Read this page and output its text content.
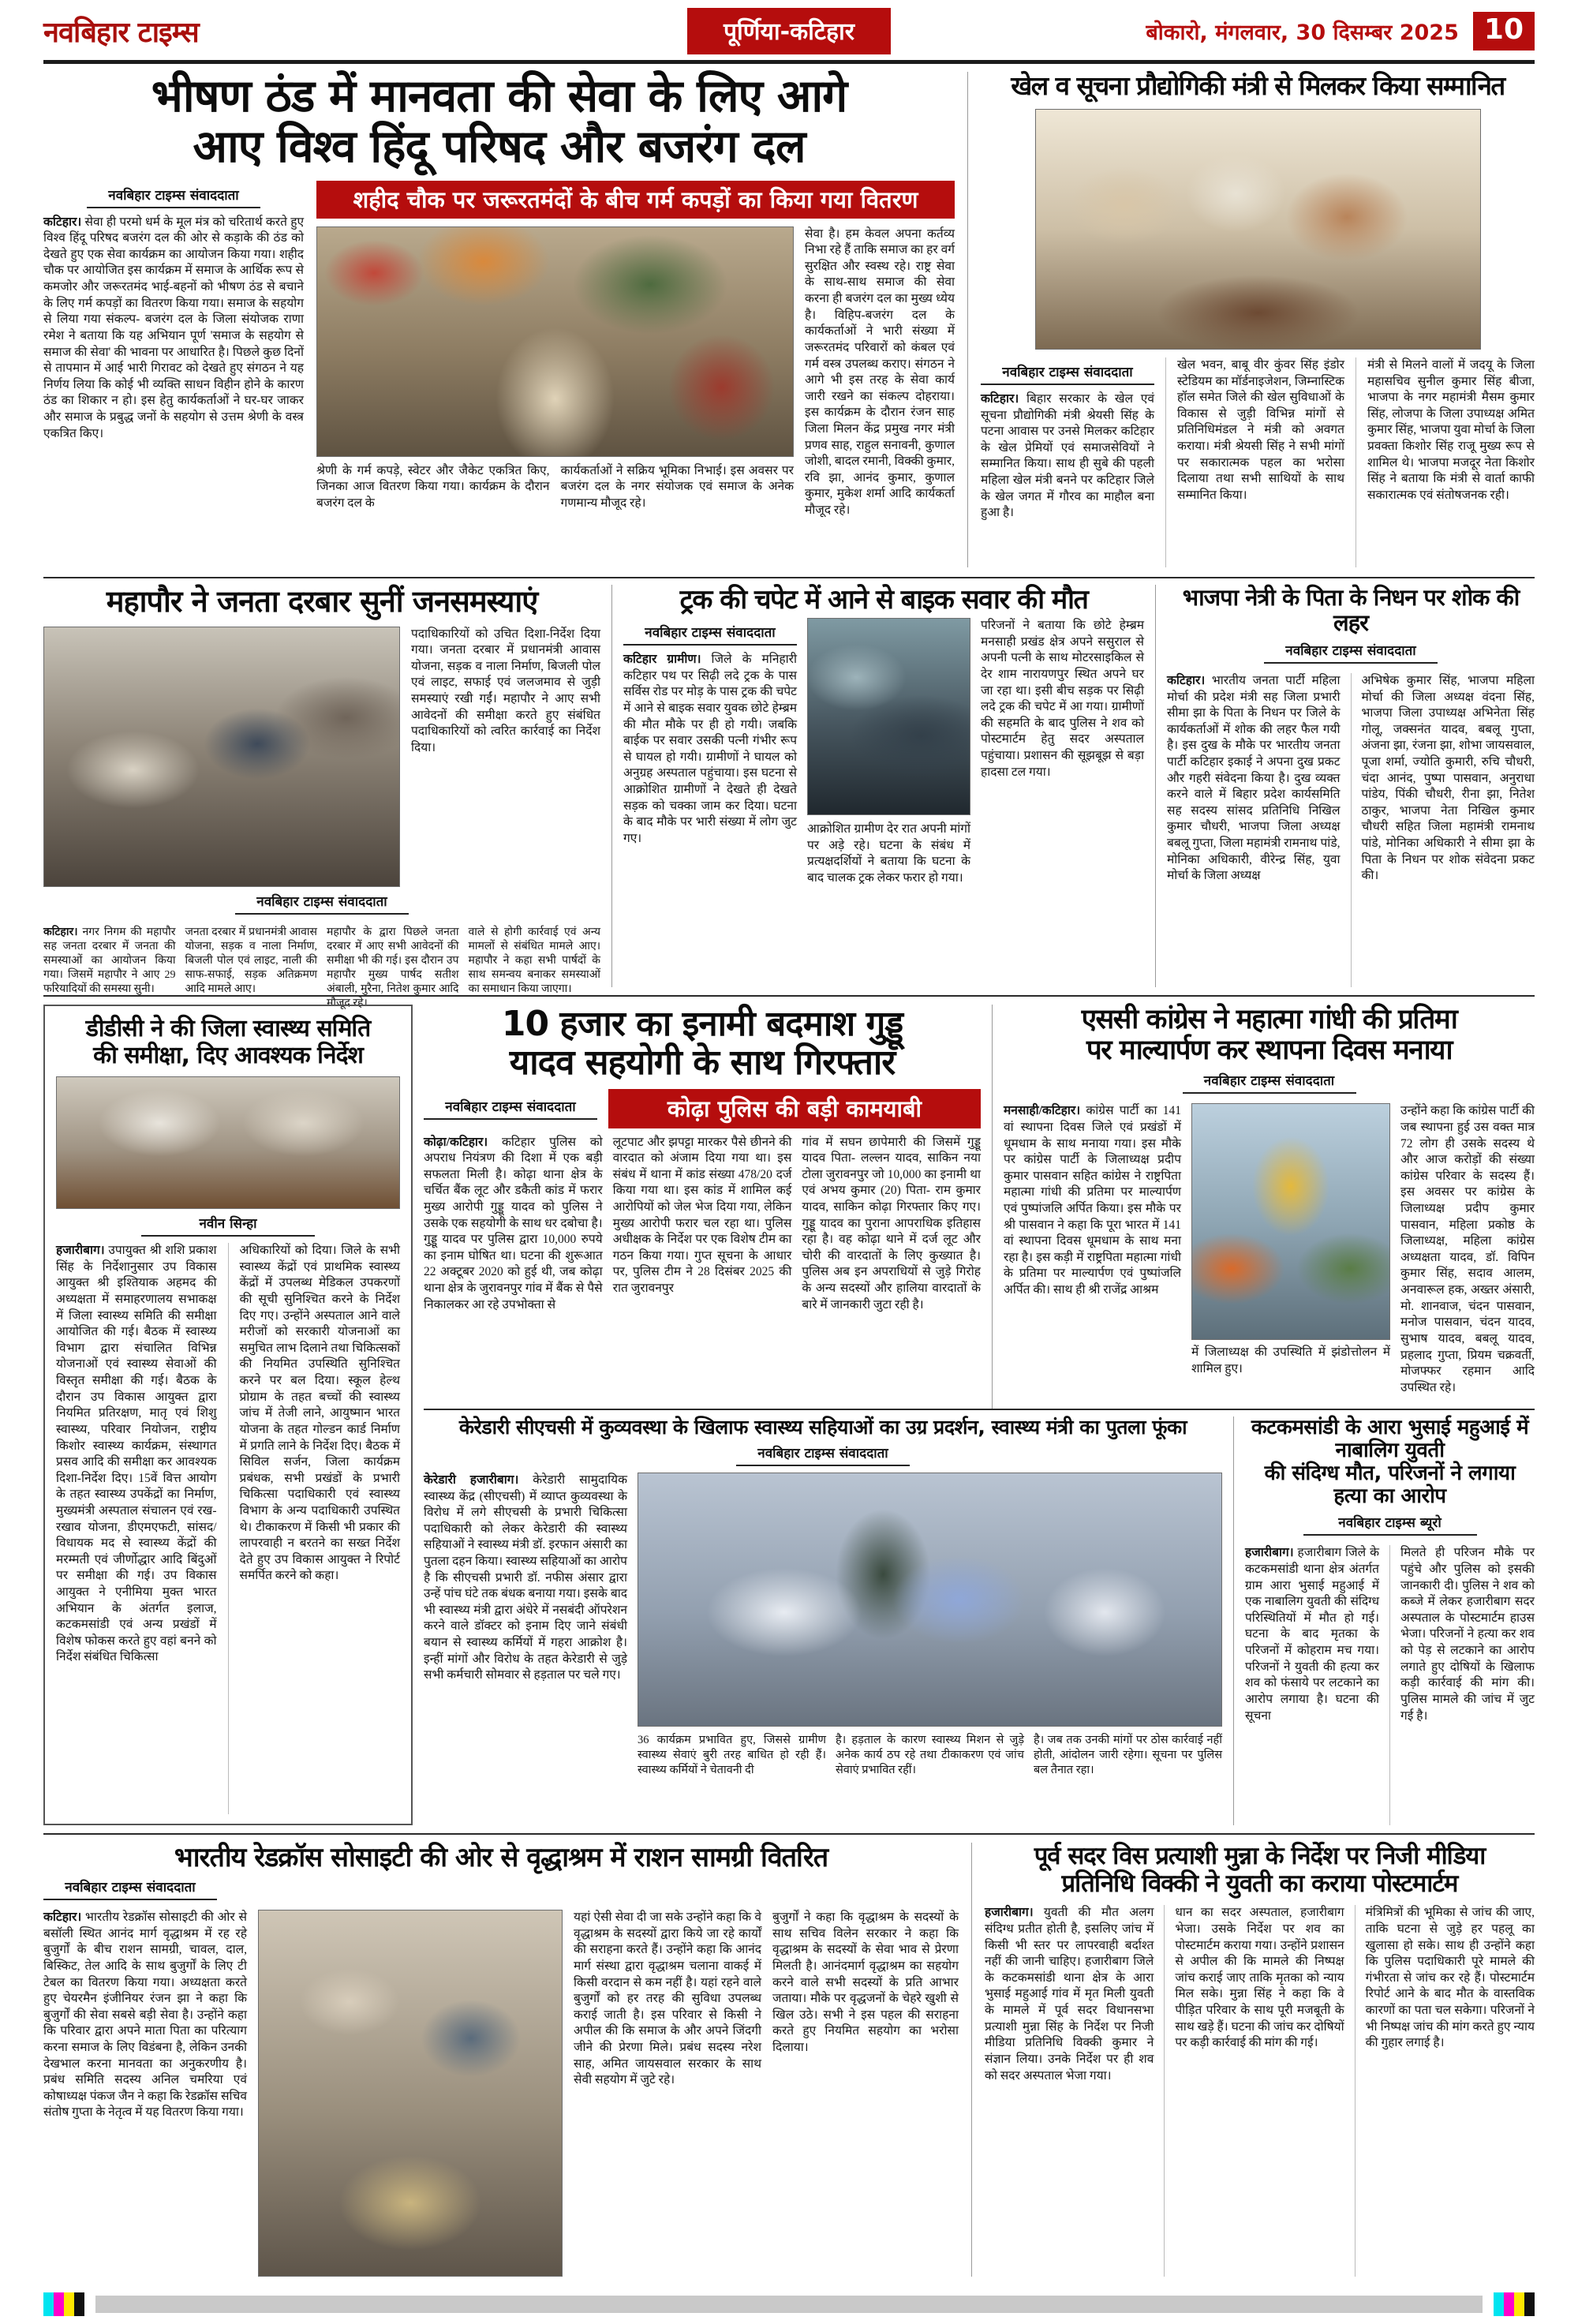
नवबिहार टाइम्स	पूर्णिया-कटिहार	बोकारो, मंगलवार, 30 दिसम्बर 2025 10
भीषण ठंड में मानवता की सेवा के लिए आगे
आए विश्व हिंदू परिषद और बजरंग दल
नवबिहार टाइम्स संवाददाता

कटिहार। सेवा ही परमो धर्म के मूल मंत्र को चरितार्थ करते हुए विश्व हिंदू परिषद बजरंग दल की ओर से कड़ाके की ठंड को देखते हुए एक सेवा कार्यक्रम का आयोजन किया गया। शहीद चौक पर आयोजित इस कार्यक्रम में समाज के आर्थिक रूप से कमजोर और जरूरतमंद भाई-बहनों को भीषण ठंड से बचाने के लिए गर्म कपड़ों का वितरण किया गया। समाज के सहयोग से लिया गया संकल्प- बजरंग दल के जिला संयोजक राणा रमेश ने बताया कि यह अभियान पूर्ण 'समाज के सहयोग से समाज की सेवा' की भावना पर आधारित है। पिछले कुछ दिनों से तापमान में आई भारी गिरावट को देखते हुए संगठन ने यह निर्णय लिया कि कोई भी व्यक्ति साधन विहीन होने के कारण ठंड का शिकार न हो। इस हेतु कार्यकर्ताओं ने घर-घर जाकर और समाज के प्रबुद्ध जनों के सहयोग से उत्तम श्रेणी के वस्त्र एकत्रित किए।

शहीद चौक पर जरूरतमंदों के बीच गर्म कपड़ों का किया गया वितरण

श्रेणी के गर्म कपड़े, स्वेटर और जैकेट एकत्रित किए, जिनका आज वितरण किया गया। कार्यक्रम के दौरान बजरंग दल के

कार्यकर्ताओं ने सक्रिय भूमिका निभाई। इस अवसर पर बजरंग दल के नगर संयोजक एवं समाज के अनेक गणमान्य मौजूद रहे।

सेवा है। हम केवल अपना कर्तव्य निभा रहे हैं ताकि समाज का हर वर्ग सुरक्षित और स्वस्थ रहे। राष्ट्र सेवा के साथ-साथ समाज की सेवा करना ही बजरंग दल का मुख्य ध्येय है। विहिप-बजरंग दल के कार्यकर्ताओं ने भारी संख्या में जरूरतमंद परिवारों को कंबल एवं गर्म वस्त्र उपलब्ध कराए। संगठन ने आगे भी इस तरह के सेवा कार्य जारी रखने का संकल्प दोहराया। इस कार्यक्रम के दौरान रंजन साह जिला मिलन केंद्र प्रमुख नगर मंत्री प्रणव साह, राहुल सनावनी, कुणाल जोशी, बादल रमानी, विक्की कुमार, रवि झा, आनंद कुमार, कुणाल कुमार, मुकेश शर्मा आदि कार्यकर्ता मौजूद रहे।

खेल व सूचना प्रौद्योगिकी मंत्री से मिलकर किया सम्मानित
नवबिहार टाइम्स संवाददाता

कटिहार। बिहार सरकार के खेल एवं सूचना प्रौद्योगिकी मंत्री श्रेयसी सिंह के पटना आवास पर उनसे मिलकर कटिहार के खेल प्रेमियों एवं समाजसेवियों ने सम्मानित किया। साथ ही सुबे की पहली महिला खेल मंत्री बनने पर कटिहार जिले के खेल जगत में गौरव का माहौल बना हुआ है।

खेल भवन, बाबू वीर कुंवर सिंह इंडोर स्टेडियम का मॉर्डनाइजेशन, जिम्नास्टिक हॉल समेत जिले की खेल सुविधाओं के विकास से जुड़ी विभिन्न मांगों से प्रतिनिधिमंडल ने मंत्री को अवगत कराया। मंत्री श्रेयसी सिंह ने सभी मांगों पर सकारात्मक पहल का भरोसा दिलाया तथा सभी साथियों के साथ सम्मानित किया।

मंत्री से मिलने वालों में जदयू के जिला महासचिव सुनील कुमार सिंह बीजा, भाजपा के नगर महामंत्री मैसम कुमार सिंह, लोजपा के जिला उपाध्यक्ष अमित कुमार सिंह, भाजपा युवा मोर्चा के जिला प्रवक्ता किशोर सिंह राजू मुख्य रूप से शामिल थे। भाजपा मजदूर नेता किशोर सिंह ने बताया कि मंत्री से वार्ता काफी सकारात्मक एवं संतोषजनक रही।

महापौर ने जनता दरबार सुनीं जनसमस्याएं

पदाधिकारियों को उचित दिशा-निर्देश दिया गया। जनता दरबार में प्रधानमंत्री आवास योजना, सड़क व नाला निर्माण, बिजली पोल एवं लाइट, सफाई एवं जलजमाव से जुड़ी समस्याएं रखी गईं। महापौर ने आए सभी आवेदनों की समीक्षा करते हुए संबंधित पदाधिकारियों को त्वरित कार्रवाई का निर्देश दिया।

नवबिहार टाइम्स संवाददाता

कटिहार। नगर निगम की महापौर सह जनता दरबार में जनता की समस्याओं का आयोजन किया गया। जिसमें महापौर ने आए 29 फरियादियों की समस्या सुनी।

जनता दरबार में प्रधानमंत्री आवास योजना, सड़क व नाला निर्माण, बिजली पोल एवं लाइट, नाली की साफ-सफाई, सड़क अतिक्रमण आदि मामले आए।

महापौर के द्वारा पिछले जनता दरबार में आए सभी आवेदनों की समीक्षा भी की गई। इस दौरान उप महापौर मुख्य पार्षद सतीश अंबाली, मुरैना, नितेश कुमार आदि मौजूद रहे।

वाले से होगी कार्रवाई एवं अन्य मामलों से संबंधित मामले आए। महापौर ने कहा सभी पार्षदों के साथ समन्वय बनाकर समस्याओं का समाधान किया जाएगा।

ट्रक की चपेट में आने से बाइक सवार की मौत
नवबिहार टाइम्स संवाददाता

कटिहार ग्रामीण। जिले के मनिहारी कटिहार पथ पर सिढ़ी लदे ट्रक के पास सर्विस रोड पर मोड़ के पास ट्रक की चपेट में आने से बाइक सवार युवक छोटे हेम्ब्रम की मौत मौके पर ही हो गयी। जबकि बाईक पर सवार उसकी पत्नी गंभीर रूप से घायल हो गयी। ग्रामीणों ने घायल को अनुग्रह अस्पताल पहुंचाया। इस घटना से आक्रोशित ग्रामीणों ने देखते ही देखते सड़क को चक्का जाम कर दिया। घटना के बाद मौके पर भारी संख्या में लोग जुट गए।

आक्रोशित ग्रामीण देर रात अपनी मांगों पर अड़े रहे। घटना के संबंध में प्रत्यक्षदर्शियों ने बताया कि घटना के बाद चालक ट्रक लेकर फरार हो गया।

परिजनों ने बताया कि छोटे हेम्ब्रम मनसाही प्रखंड क्षेत्र अपने ससुराल से अपनी पत्नी के साथ मोटरसाइकिल से देर शाम नारायणपुर स्थित अपने घर जा रहा था। इसी बीच सड़क पर सिढ़ी लदे ट्रक की चपेट में आ गया। ग्रामीणों की सहमति के बाद पुलिस ने शव को पोस्टमार्टम हेतु सदर अस्पताल पहुंचाया। प्रशासन की सूझबूझ से बड़ा हादसा टल गया।

भाजपा नेत्री के पिता के निधन पर शोक की लहर
नवबिहार टाइम्स संवाददाता

कटिहार। भारतीय जनता पार्टी महिला मोर्चा की प्रदेश मंत्री सह जिला प्रभारी सीमा झा के पिता के निधन पर जिले के कार्यकर्ताओं में शोक की लहर फैल गयी है। इस दुख के मौके पर भारतीय जनता पार्टी कटिहार इकाई ने अपना दुख प्रकट और गहरी संवेदना किया है। दुख व्यक्त करने वाले में बिहार प्रदेश कार्यसमिति सह सदस्य सांसद प्रतिनिधि निखिल कुमार चौधरी, भाजपा जिला अध्यक्ष बबलू गुप्ता, जिला महामंत्री रामनाथ पांडे, मोनिका अधिकारी, वीरेन्द्र सिंह, युवा मोर्चा के जिला अध्यक्ष

अभिषेक कुमार सिंह, भाजपा महिला मोर्चा की जिला अध्यक्ष वंदना सिंह, भाजपा जिला उपाध्यक्ष अभिनेता सिंह गोलू, जक्सनंत यादव, बबलू गुप्ता, अंजना झा, रंजना झा, शोभा जायसवाल, पूजा शर्मा, ज्योति कुमारी, रुचि चौधरी, चंदा आनंद, पुष्पा पासवान, अनुराधा पांडेय, पिंकी चौधरी, रीना झा, नितेश ठाकुर, भाजपा नेता निखिल कुमार चौधरी सहित जिला महामंत्री रामनाथ पांडे, मोनिका अधिकारी ने सीमा झा के पिता के निधन पर शोक संवेदना प्रकट की।

डीडीसी ने की जिला स्वास्थ्य समिति
की समीक्षा, दिए आवश्यक निर्देश
नवीन सिन्हा

हजारीबाग। उपायुक्त श्री शशि प्रकाश सिंह के निर्देशानुसार उप विकास आयुक्त श्री इश्तियाक अहमद की अध्यक्षता में समाहरणालय सभाकक्ष में जिला स्वास्थ्य समिति की समीक्षा आयोजित की गई। बैठक में स्वास्थ्य विभाग द्वारा संचालित विभिन्न योजनाओं एवं स्वास्थ्य सेवाओं की विस्तृत समीक्षा की गई। बैठक के दौरान उप विकास आयुक्त द्वारा नियमित प्रतिरक्षण, मातृ एवं शिशु स्वास्थ्य, परिवार नियोजन, राष्ट्रीय किशोर स्वास्थ्य कार्यक्रम, संस्थागत प्रसव आदि की समीक्षा कर आवश्यक दिशा-निर्देश दिए। 15वें वित्त आयोग के तहत स्वास्थ्य उपकेंद्रों का निर्माण, मुख्यमंत्री अस्पताल संचालन एवं रख-रखाव योजना, डीएमएफटी, सांसद/विधायक मद से स्वास्थ्य केंद्रों की मरम्मती एवं जीर्णोद्धार आदि बिंदुओं पर समीक्षा की गई। उप विकास आयुक्त ने एनीमिया मुक्त भारत अभियान के अंतर्गत इलाज, कटकमसांडी एवं अन्य प्रखंडों में विशेष फोकस करते हुए वहां बनने को निर्देश संबंधित चिकित्सा

अधिकारियों को दिया। जिले के सभी स्वास्थ्य केंद्रों एवं प्राथमिक स्वास्थ्य केंद्रों में उपलब्ध मेडिकल उपकरणों की सूची सुनिश्चित करने के निर्देश दिए गए। उन्होंने अस्पताल आने वाले मरीजों को सरकारी योजनाओं का समुचित लाभ दिलाने तथा चिकित्सकों की नियमित उपस्थिति सुनिश्चित करने पर बल दिया। स्कूल हेल्थ प्रोग्राम के तहत बच्चों की स्वास्थ्य जांच में तेजी लाने, आयुष्मान भारत योजना के तहत गोल्डन कार्ड निर्माण में प्रगति लाने के निर्देश दिए। बैठक में सिविल सर्जन, जिला कार्यक्रम प्रबंधक, सभी प्रखंडों के प्रभारी चिकित्सा पदाधिकारी एवं स्वास्थ्य विभाग के अन्य पदाधिकारी उपस्थित थे। टीकाकरण में किसी भी प्रकार की लापरवाही न बरतने का सख्त निर्देश देते हुए उप विकास आयुक्त ने रिपोर्ट समर्पित करने को कहा।

10 हजार का इनामी बदमाश गुड्डू
यादव सहयोगी के साथ गिरफ्तार
नवबिहार टाइम्स संवाददाता	कोढ़ा पुलिस की बड़ी कामयाबी

कोढ़ा/कटिहार। कटिहार पुलिस को अपराध नियंत्रण की दिशा में एक बड़ी सफलता मिली है। कोढ़ा थाना क्षेत्र के चर्चित बैंक लूट और डकैती कांड में फरार मुख्य आरोपी गुड्डू यादव को पुलिस ने उसके एक सहयोगी के साथ धर दबोचा है। गुड्डू यादव पर पुलिस द्वारा 10,000 रुपये का इनाम घोषित था। घटना की शुरूआत 22 अक्टूबर 2020 को हुई थी, जब कोढ़ा थाना क्षेत्र के जुरावनपुर गांव में बैंक से पैसे निकालकर आ रहे उपभोक्ता से

लूटपाट और झपट्टा मारकर पैसे छीनने की वारदात को अंजाम दिया गया था। इस संबंध में थाना में कांड संख्या 478/20 दर्ज किया गया था। इस कांड में शामिल कई आरोपियों को जेल भेज दिया गया, लेकिन मुख्य आरोपी फरार चल रहा था। पुलिस अधीक्षक के निर्देश पर एक विशेष टीम का गठन किया गया। गुप्त सूचना के आधार पर, पुलिस टीम ने 28 दिसंबर 2025 की रात जुरावनपुर

गांव में सघन छापेमारी की जिसमें गुड्डू यादव पिता- लल्लन यादव, साकिन नया टोला जुरावनपुर जो 10,000 का इनामी था एवं अभय कुमार (20) पिता- राम कुमार यादव, साकिन कोढ़ा गिरफ्तार किए गए। गुड्डू यादव का पुराना आपराधिक इतिहास रहा है। वह कोढ़ा थाने में दर्ज लूट और चोरी की वारदातों के लिए कुख्यात है। पुलिस अब इन अपराधियों से जुड़े गिरोह के अन्य सदस्यों और हालिया वारदातों के बारे में जानकारी जुटा रही है।

एससी कांग्रेस ने महात्मा गांधी की प्रतिमा
पर माल्यार्पण कर स्थापना दिवस मनाया
नवबिहार टाइम्स संवाददाता

मनसाही/कटिहार। कांग्रेस पार्टी का 141 वां स्थापना दिवस जिले एवं प्रखंडों में धूमधाम के साथ मनाया गया। इस मौके पर कांग्रेस पार्टी के जिलाध्यक्ष प्रदीप कुमार पासवान सहित कांग्रेस ने राष्ट्रपिता महात्मा गांधी की प्रतिमा पर माल्यार्पण एवं पुष्पांजलि अर्पित किया। इस मौके पर श्री पासवान ने कहा कि पूरा भारत में 141 वां स्थापना दिवस धूमधाम के साथ मना रहा है। इस कड़ी में राष्ट्रपिता महात्मा गांधी के प्रतिमा पर माल्यार्पण एवं पुष्पांजलि अर्पित की। साथ ही श्री राजेंद्र आश्रम

में जिलाध्यक्ष की उपस्थिति में झंडोत्तोलन में शामिल हुए।

उन्होंने कहा कि कांग्रेस पार्टी की जब स्थापना हुई उस वक्त मात्र 72 लोग ही उसके सदस्य थे और आज करोड़ों की संख्या कांग्रेस परिवार के सदस्य हैं। इस अवसर पर कांग्रेस के जिलाध्यक्ष प्रदीप कुमार पासवान, महिला प्रकोष्ठ के जिलाध्यक्ष, महिला कांग्रेस अध्यक्षता यादव, डॉ. विपिन कुमार सिंह, सदाव आलम, अनवारूल हक, अख्तर अंसारी, मो. शानवाज, चंदन पासवान, मनोज पासवान, चंदन यादव, सुभाष यादव, बबलू यादव, प्रहलाद गुप्ता, प्रियम चक्रवर्ती, मोजफ्फर रहमान आदि उपस्थित रहे।

केरेडारी सीएचसी में कुव्यवस्था के खिलाफ स्वास्थ्य सहियाओं का उग्र प्रदर्शन, स्वास्थ्य मंत्री का पुतला फूंका
नवबिहार टाइम्स संवाददाता

केरेडारी हजारीबाग। केरेडारी सामुदायिक स्वास्थ्य केंद्र (सीएचसी) में व्याप्त कुव्यवस्था के विरोध में लगे सीएचसी के प्रभारी चिकित्सा पदाधिकारी को लेकर केरेडारी की स्वास्थ्य सहियाओं ने स्वास्थ्य मंत्री डॉ. इरफान अंसारी का पुतला दहन किया। स्वास्थ्य सहियाओं का आरोप है कि सीएचसी प्रभारी डॉ. नफीस अंसार द्वारा उन्हें पांच घंटे तक बंधक बनाया गया। इसके बाद भी स्वास्थ्य मंत्री द्वारा अंधेरे में नसबंदी ऑपरेशन करने वाले डॉक्टर को इनाम दिए जाने संबंधी बयान से स्वास्थ्य कर्मियों में गहरा आक्रोश है। इन्हीं मांगों और विरोध के तहत केरेडारी से जुड़े सभी कर्मचारी सोमवार से हड़ताल पर चले गए।

36 कार्यक्रम प्रभावित हुए, जिससे ग्रामीण स्वास्थ्य सेवाएं बुरी तरह बाधित हो रही हैं। स्वास्थ्य कर्मियों ने चेतावनी दी

है। हड़ताल के कारण स्वास्थ्य मिशन से जुड़े अनेक कार्य ठप रहे तथा टीकाकरण एवं जांच सेवाएं प्रभावित रहीं।

है। जब तक उनकी मांगों पर ठोस कार्रवाई नहीं होती, आंदोलन जारी रहेगा। सूचना पर पुलिस बल तैनात रहा।

कटकमसांडी के आरा भुसाई महुआई में नाबालिग युवती
की संदिग्ध मौत, परिजनों ने लगाया हत्या का आरोप
नवबिहार टाइम्स ब्यूरो

हजारीबाग। हजारीबाग जिले के कटकमसांडी थाना क्षेत्र अंतर्गत ग्राम आरा भुसाई महुआई में एक नाबालिग युवती की संदिग्ध परिस्थितियों में मौत हो गई। घटना के बाद मृतका के परिजनों में कोहराम मच गया। परिजनों ने युवती की हत्या कर शव को फंसाये पर लटकाने का आरोप लगाया है। घटना की सूचना

मिलते ही परिजन मौके पर पहुंचे और पुलिस को इसकी जानकारी दी। पुलिस ने शव को कब्जे में लेकर हजारीबाग सदर अस्पताल के पोस्टमार्टम हाउस भेजा। परिजनों ने हत्या कर शव को पेड़ से लटकाने का आरोप लगाते हुए दोषियों के खिलाफ कड़ी कार्रवाई की मांग की। पुलिस मामले की जांच में जुट गई है।

भारतीय रेडक्रॉस सोसाइटी की ओर से वृद्धाश्रम में राशन सामग्री वितरित
नवबिहार टाइम्स संवाददाता

कटिहार। भारतीय रेडक्रॉस सोसाइटी की ओर से बसॉली स्थित आनंद मार्ग वृद्धाश्रम में रह रहे बुजुर्गों के बीच राशन सामग्री, चावल, दाल, बिस्किट, तेल आदि के साथ बुजुर्गों के लिए टी टेबल का वितरण किया गया। अध्यक्षता करते हुए चेयरमैन इंजीनियर रंजन झा ने कहा कि बुजुर्गों की सेवा सबसे बड़ी सेवा है। उन्होंने कहा कि परिवार द्वारा अपने माता पिता का परित्याग करना समाज के लिए विडंबना है, लेकिन उनकी देखभाल करना मानवता का अनुकरणीय है। प्रबंध समिति सदस्य अनिल चमरिया एवं कोषाध्यक्ष पंकज जैन ने कहा कि रेडक्रॉस सचिव संतोष गुप्ता के नेतृत्व में यह वितरण किया गया।

यहां ऐसी सेवा दी जा सके उन्होंने कहा कि वे वृद्धाश्रम के सदस्यों द्वारा किये जा रहे कार्यों की सराहना करते हैं। उन्होंने कहा कि आनंद मार्ग संस्था द्वारा वृद्धाश्रम चलाना वाकई में किसी वरदान से कम नहीं है। यहां रहने वाले बुजुर्गों को हर तरह की सुविधा उपलब्ध कराई जाती है। इस परिवार से किसी ने अपील की कि समाज के और अपने जिंदगी जीने की प्रेरणा मिले। प्रबंध सदस्य नरेश साह, अमित जायसवाल सरकार के साथ सेवी सहयोग में जुटे रहे।

बुजुर्गों ने कहा कि वृद्धाश्रम के सदस्यों के साथ सचिव विलेन सरकार ने कहा कि वृद्धाश्रम के सदस्यों के सेवा भाव से प्रेरणा मिलती है। आनंदमार्ग वृद्धाश्रम का सहयोग करने वाले सभी सदस्यों के प्रति आभार जताया। मौके पर वृद्धजनों के चेहरे खुशी से खिल उठे। सभी ने इस पहल की सराहना करते हुए नियमित सहयोग का भरोसा दिलाया।

पूर्व सदर विस प्रत्याशी मुन्ना के निर्देश पर निजी मीडिया
प्रतिनिधि विक्की ने युवती का कराया पोस्टमार्टम

हजारीबाग। युवती की मौत अलग संदिग्ध प्रतीत होती है, इसलिए जांच में किसी भी स्तर पर लापरवाही बर्दाश्त नहीं की जानी चाहिए। हजारीबाग जिले के कटकमसांडी थाना क्षेत्र के आरा भुसाई महुआई गांव में मृत मिली युवती के मामले में पूर्व सदर विधानसभा प्रत्याशी मुन्ना सिंह के निर्देश पर निजी मीडिया प्रतिनिधि विक्की कुमार ने संज्ञान लिया। उनके निर्देश पर ही शव को सदर अस्पताल भेजा गया।

धान का सदर अस्पताल, हजारीबाग भेजा। उसके निर्देश पर शव का पोस्टमार्टम कराया गया। उन्होंने प्रशासन से अपील की कि मामले की निष्पक्ष जांच कराई जाए ताकि मृतका को न्याय मिल सके। मुन्ना सिंह ने कहा कि वे पीड़ित परिवार के साथ पूरी मजबूती के साथ खड़े हैं। घटना की जांच कर दोषियों पर कड़ी कार्रवाई की मांग की गई।

मंत्रिमित्रों की भूमिका से जांच की जाए, ताकि घटना से जुड़े हर पहलू का खुलासा हो सके। साथ ही उन्होंने कहा कि पुलिस पदाधिकारी पूरे मामले की गंभीरता से जांच कर रहे हैं। पोस्टमार्टम रिपोर्ट आने के बाद मौत के वास्तविक कारणों का पता चल सकेगा। परिजनों ने भी निष्पक्ष जांच की मांग करते हुए न्याय की गुहार लगाई है।
